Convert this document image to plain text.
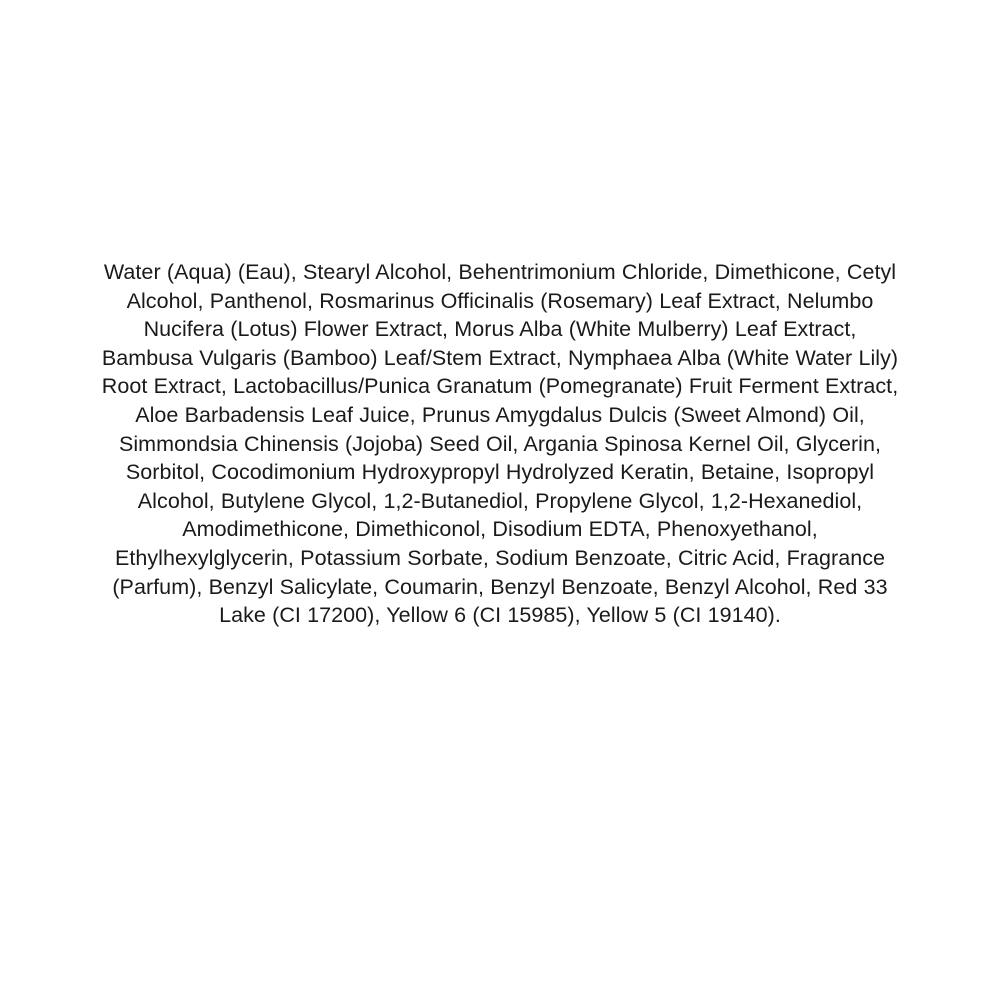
Water (Aqua) (Eau), Stearyl Alcohol, Behentrimonium Chloride, Dimethicone, Cetyl Alcohol, Panthenol, Rosmarinus Officinalis (Rosemary) Leaf Extract, Nelumbo Nucifera (Lotus) Flower Extract, Morus Alba (White Mulberry) Leaf Extract, Bambusa Vulgaris (Bamboo) Leaf/Stem Extract, Nymphaea Alba (White Water Lily) Root Extract, Lactobacillus/Punica Granatum (Pomegranate) Fruit Ferment Extract, Aloe Barbadensis Leaf Juice, Prunus Amygdalus Dulcis (Sweet Almond) Oil, Simmondsia Chinensis (Jojoba) Seed Oil, Argania Spinosa Kernel Oil, Glycerin, Sorbitol, Cocodimonium Hydroxypropyl Hydrolyzed Keratin, Betaine, Isopropyl Alcohol, Butylene Glycol, 1,2-Butanediol, Propylene Glycol, 1,2-Hexanediol, Amodimethicone, Dimethiconol, Disodium EDTA, Phenoxyethanol, Ethylhexylglycerin, Potassium Sorbate, Sodium Benzoate, Citric Acid, Fragrance (Parfum), Benzyl Salicylate, Coumarin, Benzyl Benzoate, Benzyl Alcohol, Red 33 Lake (CI 17200), Yellow 6 (CI 15985), Yellow 5 (CI 19140).
